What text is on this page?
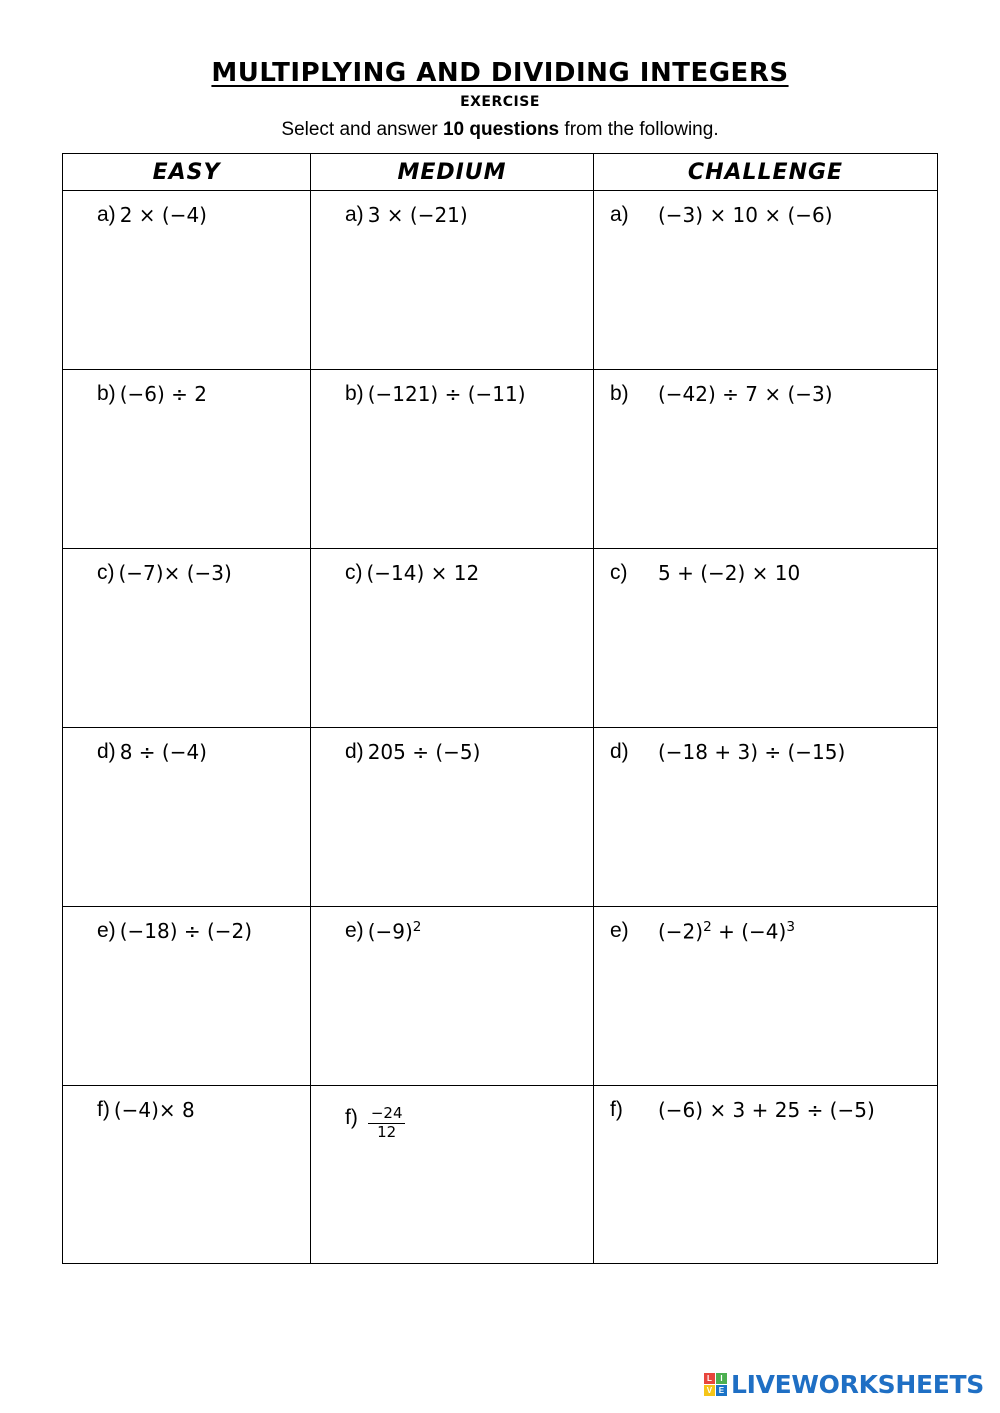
MULTIPLYING AND DIVIDING INTEGERS
EXERCISE

Select and answer 10 questions from the following.

EASY	MEDIUM	CHALLENGE

a) 2 × (−4)	a) 3 × (−21)	a) (−3) × 10 × (−6)

b) (−6) ÷ 2	b) (−121) ÷ (−11)	b) (−42) ÷ 7 × (−3)

c) (−7)× (−3)	c) (−14) × 12	c) 5 + (−2) × 10

d) 8 ÷ (−4)	d) 205 ÷ (−5)	d) (−18 + 3) ÷ (−15)

e) (−18) ÷ (−2)	e) $(-9)^2$	e) $(-2)^2 + (-4)^3$

f) (−4)× 8	$f) \frac{-24}{12}$	f) (−6) × 3 + 25 ÷ (−5)
L	I
V E LIVEWORKSHEETS
